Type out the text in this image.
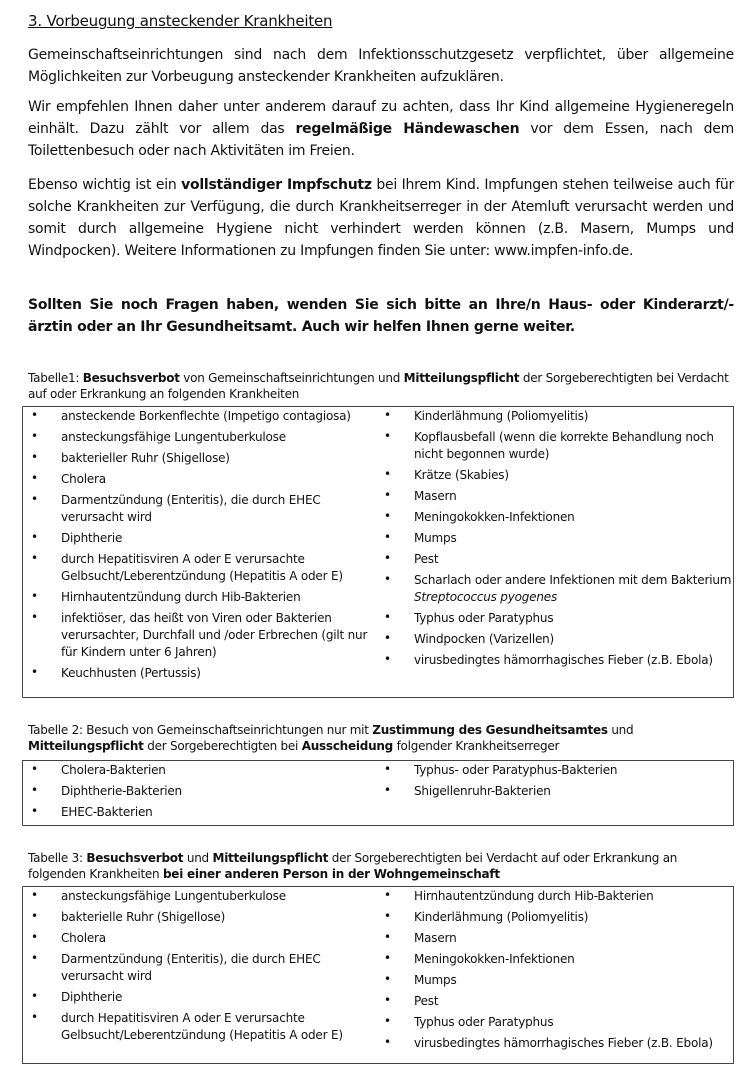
3. Vorbeugung ansteckender Krankheiten

Gemeinschaftseinrichtungen sind nach dem Infektionsschutzgesetz verpflichtet, über allgemeine Möglichkeiten zur Vorbeugung ansteckender Krankheiten aufzuklären.

Wir empfehlen Ihnen daher unter anderem darauf zu achten, dass Ihr Kind allgemeine Hygieneregeln einhält. Dazu zählt vor allem das regelmäßige Händewaschen vor dem Essen, nach dem Toilettenbesuch oder nach Aktivitäten im Freien.

Ebenso wichtig ist ein vollständiger Impfschutz bei Ihrem Kind. Impfungen stehen teilweise auch für solche Krankheiten zur Verfügung, die durch Krankheitserreger in der Atemluft verursacht werden und somit durch allgemeine Hygiene nicht verhindert werden können (z.B. Masern, Mumps und Windpocken). Weitere Informationen zu Impfungen finden Sie unter: www.impfen-info.de.

Sollten Sie noch Fragen haben, wenden Sie sich bitte an Ihre/n Haus- oder Kinderarzt/-ärztin oder an Ihr Gesundheitsamt. Auch wir helfen Ihnen gerne weiter.

Tabelle1: Besuchsverbot von Gemeinschaftseinrichtungen und Mitteilungspflicht der Sorgeberechtigten bei Verdacht auf oder Erkrankung an folgenden Krankheiten
• ansteckende Borkenflechte (Impetigo contagiosa)
• ansteckungsfähige Lungentuberkulose
• bakterieller Ruhr (Shigellose)
• Cholera
• Darmentzündung (Enteritis), die durch EHEC verursacht wird
• Diphtherie
• durch Hepatitisviren A oder E verursachte Gelbsucht/Leberentzündung (Hepatitis A oder E)
• Hirnhautentzündung durch Hib-Bakterien
• infektiöser, das heißt von Viren oder Bakterien verursachter, Durchfall und /oder Erbrechen (gilt nur für Kindern unter 6 Jahren)
• Keuchhusten (Pertussis)
• Kinderlähmung (Poliomyelitis)
• Kopflausbefall (wenn die korrekte Behandlung noch nicht begonnen wurde)
• Krätze (Skabies)
• Masern
• Meningokokken-Infektionen
• Mumps
• Pest
• Scharlach oder andere Infektionen mit dem Bakterium Streptococcus pyogenes
• Typhus oder Paratyphus
• Windpocken (Varizellen)
• virusbedingtes hämorrhagisches Fieber (z.B. Ebola)
Tabelle 2: Besuch von Gemeinschaftseinrichtungen nur mit Zustimmung des Gesundheitsamtes und Mitteilungspflicht der Sorgeberechtigten bei Ausscheidung folgender Krankheitserreger
• Cholera-Bakterien
• Diphtherie-Bakterien
• EHEC-Bakterien
• Typhus- oder Paratyphus-Bakterien
• Shigellenruhr-Bakterien
Tabelle 3: Besuchsverbot und Mitteilungspflicht der Sorgeberechtigten bei Verdacht auf oder Erkrankung an folgenden Krankheiten bei einer anderen Person in der Wohngemeinschaft
• ansteckungsfähige Lungentuberkulose
• bakterielle Ruhr (Shigellose)
• Cholera
• Darmentzündung (Enteritis), die durch EHEC verursacht wird
• Diphtherie
• durch Hepatitisviren A oder E verursachte Gelbsucht/Leberentzündung (Hepatitis A oder E)
• Hirnhautentzündung durch Hib-Bakterien
• Kinderlähmung (Poliomyelitis)
• Masern
• Meningokokken-Infektionen
• Mumps
• Pest
• Typhus oder Paratyphus
• virusbedingtes hämorrhagisches Fieber (z.B. Ebola)
